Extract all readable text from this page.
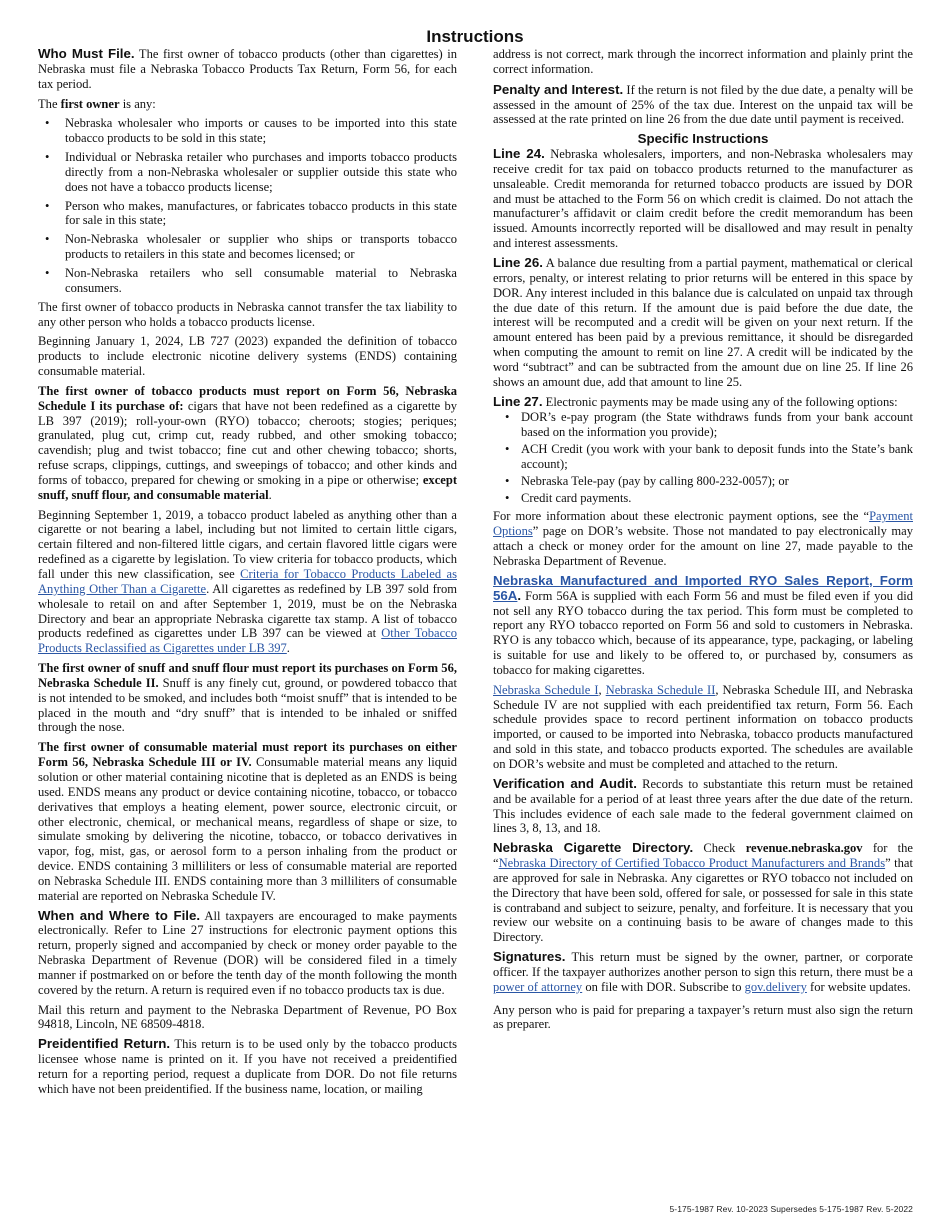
Instructions

Who Must File. The first owner of tobacco products (other than cigarettes) in Nebraska must file a Nebraska Tobacco Products Tax Return, Form 56, for each tax period.

The first owner is any:

• Nebraska wholesaler who imports or causes to be imported into this state tobacco products to be sold in this state;
• Individual or Nebraska retailer who purchases and imports tobacco products directly from a non-Nebraska wholesaler or supplier outside this state who does not have a tobacco products license;
• Person who makes, manufactures, or fabricates tobacco products in this state for sale in this state;
• Non-Nebraska wholesaler or supplier who ships or transports tobacco products to retailers in this state and becomes licensed; or
• Non-Nebraska retailers who sell consumable material to Nebraska consumers.

The first owner of tobacco products in Nebraska cannot transfer the tax liability to any other person who holds a tobacco products license.

Beginning January 1, 2024, LB 727 (2023) expanded the definition of tobacco products to include electronic nicotine delivery systems (ENDS) containing consumable material.

The first owner of tobacco products must report on Form 56, Nebraska Schedule I its purchase of: cigars that have not been redefined as a cigarette by LB 397 (2019); roll-your-own (RYO) tobacco; cheroots; stogies; periques; granulated, plug cut, crimp cut, ready rubbed, and other smoking tobacco; cavendish; plug and twist tobacco; fine cut and other chewing tobacco; shorts, refuse scraps, clippings, cuttings, and sweepings of tobacco; and other kinds and forms of tobacco, prepared for chewing or smoking in a pipe or otherwise; except snuff, snuff flour, and consumable material.

Beginning September 1, 2019, a tobacco product labeled as anything other than a cigarette or not bearing a label, including but not limited to certain little cigars, certain filtered and non-filtered little cigars, and certain flavored little cigars were redefined as a cigarette by legislation. To view criteria for tobacco products, which fall under this new classification, see Criteria for Tobacco Products Labeled as Anything Other Than a Cigarette. All cigarettes as redefined by LB 397 sold from wholesale to retail on and after September 1, 2019, must be on the Nebraska Directory and bear an appropriate Nebraska cigarette tax stamp. A list of tobacco products redefined as cigarettes under LB 397 can be viewed at Other Tobacco Products Reclassified as Cigarettes under LB 397.

The first owner of snuff and snuff flour must report its purchases on Form 56, Nebraska Schedule II. Snuff is any finely cut, ground, or powdered tobacco that is not intended to be smoked, and includes both “moist snuff” that is intended to be placed in the mouth and “dry snuff” that is intended to be inhaled or sniffed through the nose.

The first owner of consumable material must report its purchases on either Form 56, Nebraska Schedule III or IV. Consumable material means any liquid solution or other material containing nicotine that is depleted as an ENDS is being used. ENDS means any product or device containing nicotine, tobacco, or tobacco derivatives that employs a heating element, power source, electronic circuit, or other electronic, chemical, or mechanical means, regardless of shape or size, to simulate smoking by delivering the nicotine, tobacco, or tobacco derivatives in vapor, fog, mist, gas, or aerosol form to a person inhaling from the product or device. ENDS containing 3 milliliters or less of consumable material are reported on Nebraska Schedule III. ENDS containing more than 3 milliliters of consumable material are reported on Nebraska Schedule IV.

When and Where to File. All taxpayers are encouraged to make payments electronically. Refer to Line 27 instructions for electronic payment options this return, properly signed and accompanied by check or money order payable to the Nebraska Department of Revenue (DOR) will be considered filed in a timely manner if postmarked on or before the tenth day of the month following the month covered by the return. A return is required even if no tobacco products tax is due.

Mail this return and payment to the Nebraska Department of Revenue, PO Box 94818, Lincoln, NE 68509-4818.

Preidentified Return. This return is to be used only by the tobacco products licensee whose name is printed on it. If you have not received a preidentified return for a reporting period, request a duplicate from DOR. Do not file returns which have not been preidentified. If the business name, location, or mailing

address is not correct, mark through the incorrect information and plainly print the correct information.

Penalty and Interest. If the return is not filed by the due date, a penalty will be assessed in the amount of 25% of the tax due. Interest on the unpaid tax will be assessed at the rate printed on line 26 from the due date until payment is received.

Specific Instructions

Line 24. Nebraska wholesalers, importers, and non-Nebraska wholesalers may receive credit for tax paid on tobacco products returned to the manufacturer as unsaleable. Credit memoranda for returned tobacco products are issued by DOR and must be attached to the Form 56 on which credit is claimed. Do not attach the manufacturer’s affidavit or claim credit before the credit memorandum has been issued. Amounts incorrectly reported will be disallowed and may result in penalty and interest assessments.

Line 26. A balance due resulting from a partial payment, mathematical or clerical errors, penalty, or interest relating to prior returns will be entered in this space by DOR. Any interest included in this balance due is calculated on unpaid tax through the due date of this return. If the amount due is paid before the due date, the interest will be recomputed and a credit will be given on your next return. If the amount entered has been paid by a previous remittance, it should be disregarded when computing the amount to remit on line 27. A credit will be indicated by the word “subtract” and can be subtracted from the amount due on line 25. If line 26 shows an amount due, add that amount to line 25.

Line 27. Electronic payments may be made using any of the following options:

• DOR’s e-pay program (the State withdraws funds from your bank account based on the information you provide);
• ACH Credit (you work with your bank to deposit funds into the State’s bank account);
• Nebraska Tele-pay (pay by calling 800-232-0057); or
• Credit card payments.

For more information about these electronic payment options, see the “Payment Options” page on DOR’s website. Those not mandated to pay electronically may attach a check or money order for the amount on line 27, made payable to the Nebraska Department of Revenue.

Nebraska Manufactured and Imported RYO Sales Report, Form 56A. Form 56A is supplied with each Form 56 and must be filed even if you did not sell any RYO tobacco during the tax period. This form must be completed to report any RYO tobacco reported on Form 56 and sold to customers in Nebraska. RYO is any tobacco which, because of its appearance, type, packaging, or labeling is suitable for use and likely to be offered to, or purchased by, consumers as tobacco for making cigarettes.

Nebraska Schedule I, Nebraska Schedule II, Nebraska Schedule III, and Nebraska Schedule IV are not supplied with each preidentified tax return, Form 56. Each schedule provides space to record pertinent information on tobacco products imported, or caused to be imported into Nebraska, tobacco products manufactured and sold in this state, and tobacco products exported. The schedules are available on DOR’s website and must be completed and attached to the return.

Verification and Audit. Records to substantiate this return must be retained and be available for a period of at least three years after the due date of the return. This includes evidence of each sale made to the federal government claimed on lines 3, 8, 13, and 18.

Nebraska Cigarette Directory. Check revenue.nebraska.gov for the “Nebraska Directory of Certified Tobacco Product Manufacturers and Brands” that are approved for sale in Nebraska. Any cigarettes or RYO tobacco not included on the Directory that have been sold, offered for sale, or possessed for sale in this state is contraband and subject to seizure, penalty, and forfeiture. It is necessary that you review our website on a continuing basis to be aware of changes made to this Directory.

Signatures. This return must be signed by the owner, partner, or corporate officer. If the taxpayer authorizes another person to sign this return, there must be a power of attorney on file with DOR. Subscribe to gov.delivery for website updates.

Any person who is paid for preparing a taxpayer’s return must also sign the return as preparer.

5-175-1987 Rev. 10-2023 Supersedes 5-175-1987 Rev. 5-2022
